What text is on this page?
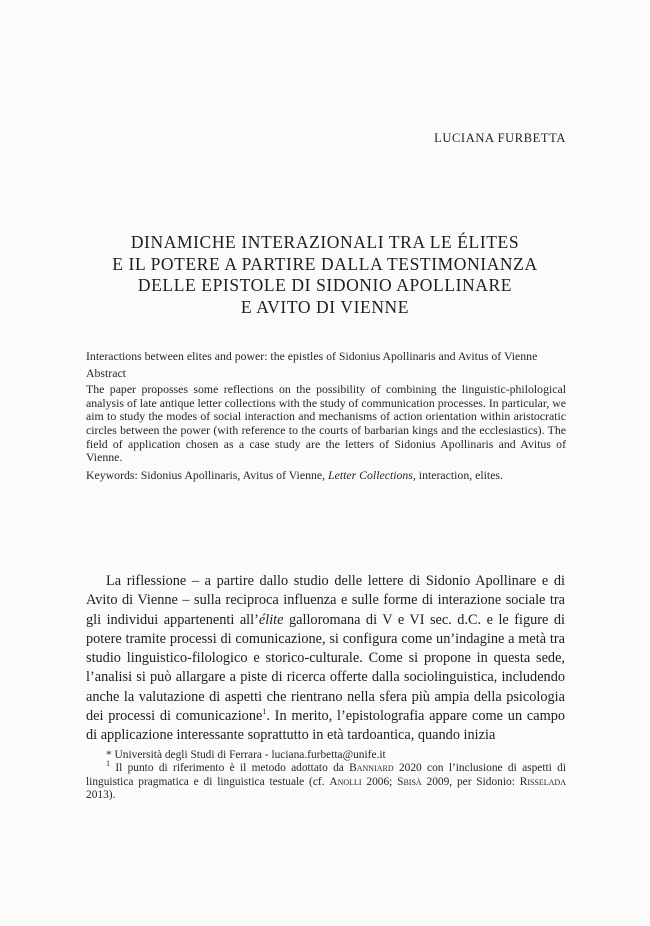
LUCIANA FURBETTA
DINAMICHE INTERAZIONALI TRA LE ÉLITES
E IL POTERE A PARTIRE DALLA TESTIMONIANZA
DELLE EPISTOLE DI SIDONIO APOLLINARE
E AVITO DI VIENNE

Interactions between elites and power: the epistles of Sidonius Apollinaris and Avitus of Vienne

Abstract

The paper proposses some reflections on the possibility of combining the linguistic-philological analysis of late antique letter collections with the study of communication processes. In particular, we aim to study the modes of social interaction and mechanisms of action orientation within aristocratic circles between the power (with reference to the courts of barbarian kings and the ecclesiastics). The field of application chosen as a case study are the letters of Sidonius Apollinaris and Avitus of Vienne.

Keywords: Sidonius Apollinaris, Avitus of Vienne, Letter Collections, interaction, elites.

La riflessione – a partire dallo studio delle lettere di Sidonio Apollinare e di Avito di Vienne – sulla reciproca influenza e sulle forme di interazione sociale tra gli individui appartenenti all’élite galloromana di V e VI sec. d.C. e le figure di potere tramite processi di comunicazione, si configura come un’indagine a metà tra studio linguistico-filologico e storico-culturale. Come si propone in questa sede, l’analisi si può allargare a piste di ricerca offerte dalla sociolinguistica, includendo anche la valutazione di aspetti che rientrano nella sfera più ampia della psicologia dei processi di comunicazione$^1$. In merito, l’epistolografia appare come un campo di applicazione interessante soprattutto in età tardoantica, quando inizia

* Università degli Studi di Ferrara - luciana.furbetta@unife.it

$^1$ Il punto di riferimento è il metodo adottato da Banniard 2020 con l’inclusione di aspetti di linguistica pragmatica e di linguistica testuale (cf. Anolli 2006; Sbisà 2009, per Sidonio: Risselada 2013).
